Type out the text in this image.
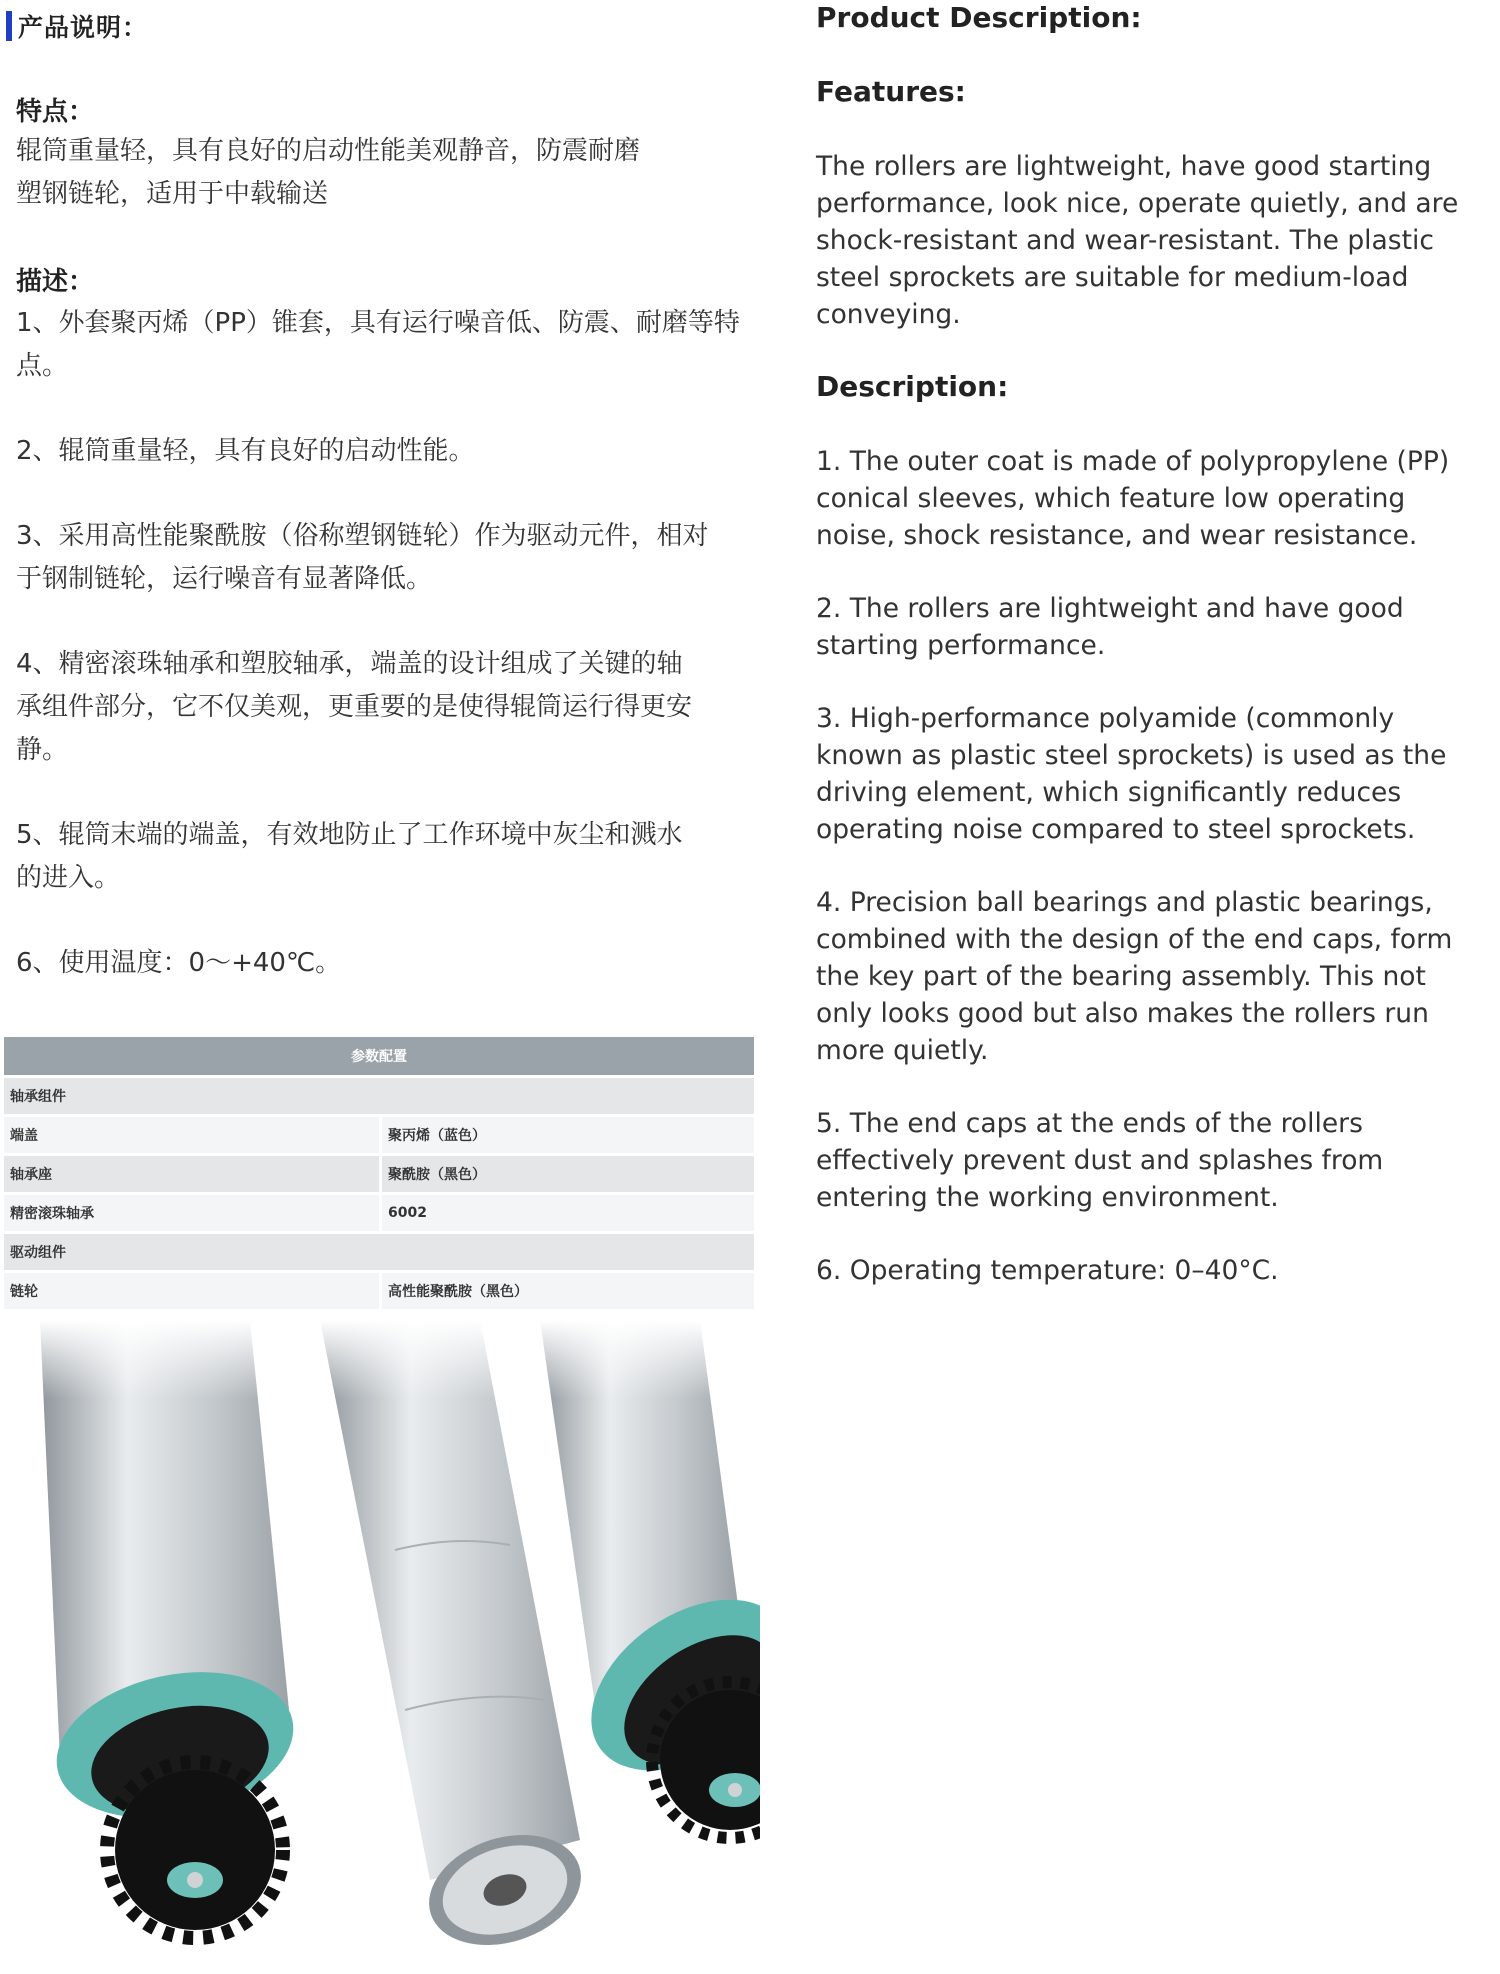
产品说明：
特点：
辊筒重量轻，具有良好的启动性能美观静音，防震耐磨
塑钢链轮，适用于中载输送
描述：
1、外套聚丙烯（PP）锥套，具有运行噪音低、防震、耐磨等特
点。
2、辊筒重量轻，具有良好的启动性能。
3、采用高性能聚酰胺（俗称塑钢链轮）作为驱动元件，相对
于钢制链轮，运行噪音有显著降低。
4、精密滚珠轴承和塑胶轴承，端盖的设计组成了关键的轴
承组件部分，它不仅美观，更重要的是使得辊筒运行得更安
静。
5、辊筒末端的端盖，有效地防止了工作环境中灰尘和溅水
的进入。
6、使用温度：0～+40℃。
参数配置	
轴承组件	
端盖	聚丙烯（蓝色）
轴承座	聚酰胺（黑色）
精密滚珠轴承	6002
驱动组件	
链轮	高性能聚酰胺（黑色）

Product Description:

Features:

The rollers are lightweight, have good starting performance, look nice, operate quietly, and are shock-resistant and wear-resistant. The plastic steel sprockets are suitable for medium-load conveying.

Description:

1. The outer coat is made of polypropylene (PP) conical sleeves, which feature low operating noise, shock resistance, and wear resistance.

2. The rollers are lightweight and have good starting performance.

3. High-performance polyamide (commonly known as plastic steel sprockets) is used as the driving element, which significantly reduces operating noise compared to steel sprockets.

4. Precision ball bearings and plastic bearings, combined with the design of the end caps, form the key part of the bearing assembly. This not only looks good but also makes the rollers run more quietly.

5. The end caps at the ends of the rollers effectively prevent dust and splashes from entering the working environment.

6. Operating temperature: 0–40°C.
